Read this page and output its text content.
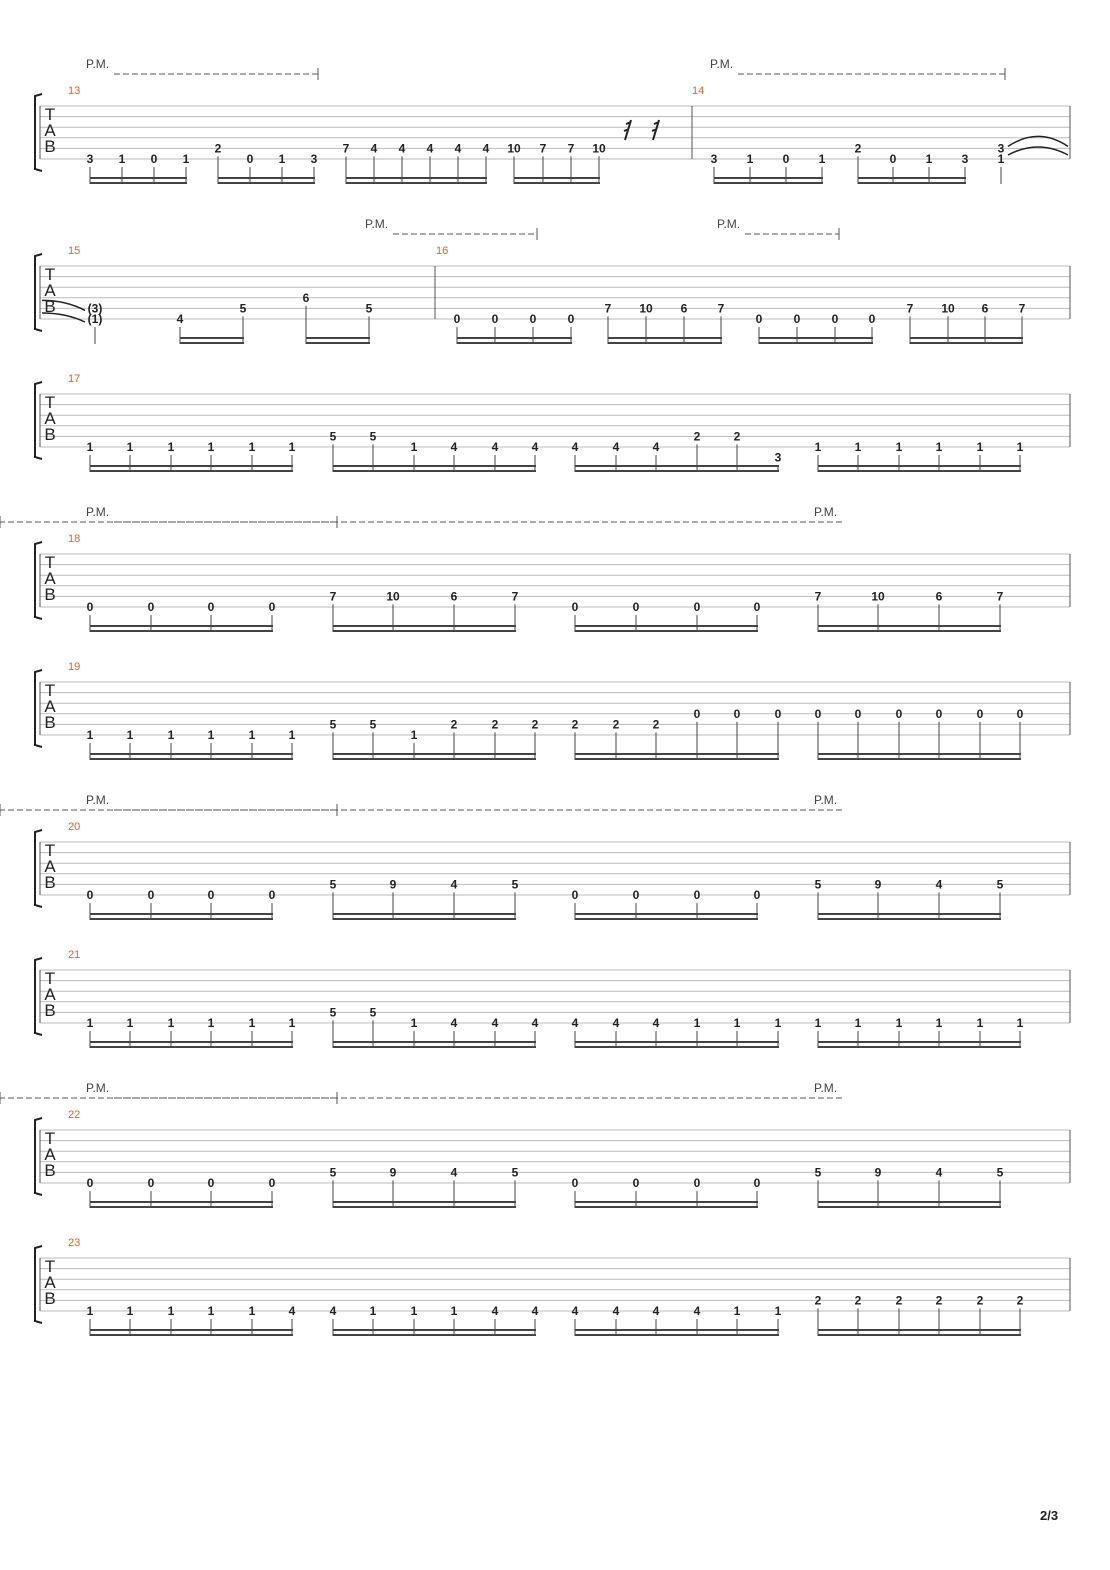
T
A
B
13	14
P.M.	P.M.
3 1 0 1
2
0 1 3
7 4 4 4 4 4 10 7 7 10
3 1 0 1
2
0 1 3
3
1
T
A
B
15	16
P.M.	P.M.
(3)
(1)	4
5
6
5
0	0	0	0
7 10 6	7
0	0	0	0
7 10 6	7
T
A
B
17
1	1	1	1	1	1
5	5
1	4	4	4	4	4	4
2	2
3
1	1	1	1	1	1
T
A
B
18
P.M.	P.M.
0	0	0	0
7	10	6	7
0	0	0	0
7	10	6	7
T
A
B
19
1	1	1	1	1	1
5	5
1
2	2	2	2	2	2
0	0	0	0	0	0	0	0	0
T
A
B
20
P.M.	P.M.
0	0	0	0
5	9	4	5
0	0	0	0
5	9	4	5
T
A
B
21
1	1	1	1	1	1
5	5
1	4	4	4	4	4	4	1	1	1	1	1	1	1	1	1
T
A
B
22
P.M.	P.M.
0	0	0	0
5	9	4	5
0	0	0	0
5	9	4	5
T
A
B
23
1	1	1	1	1	4	4	1	1	1	4	4	4	4	4	4	1	1
2	2	2	2	2	2
2/3
